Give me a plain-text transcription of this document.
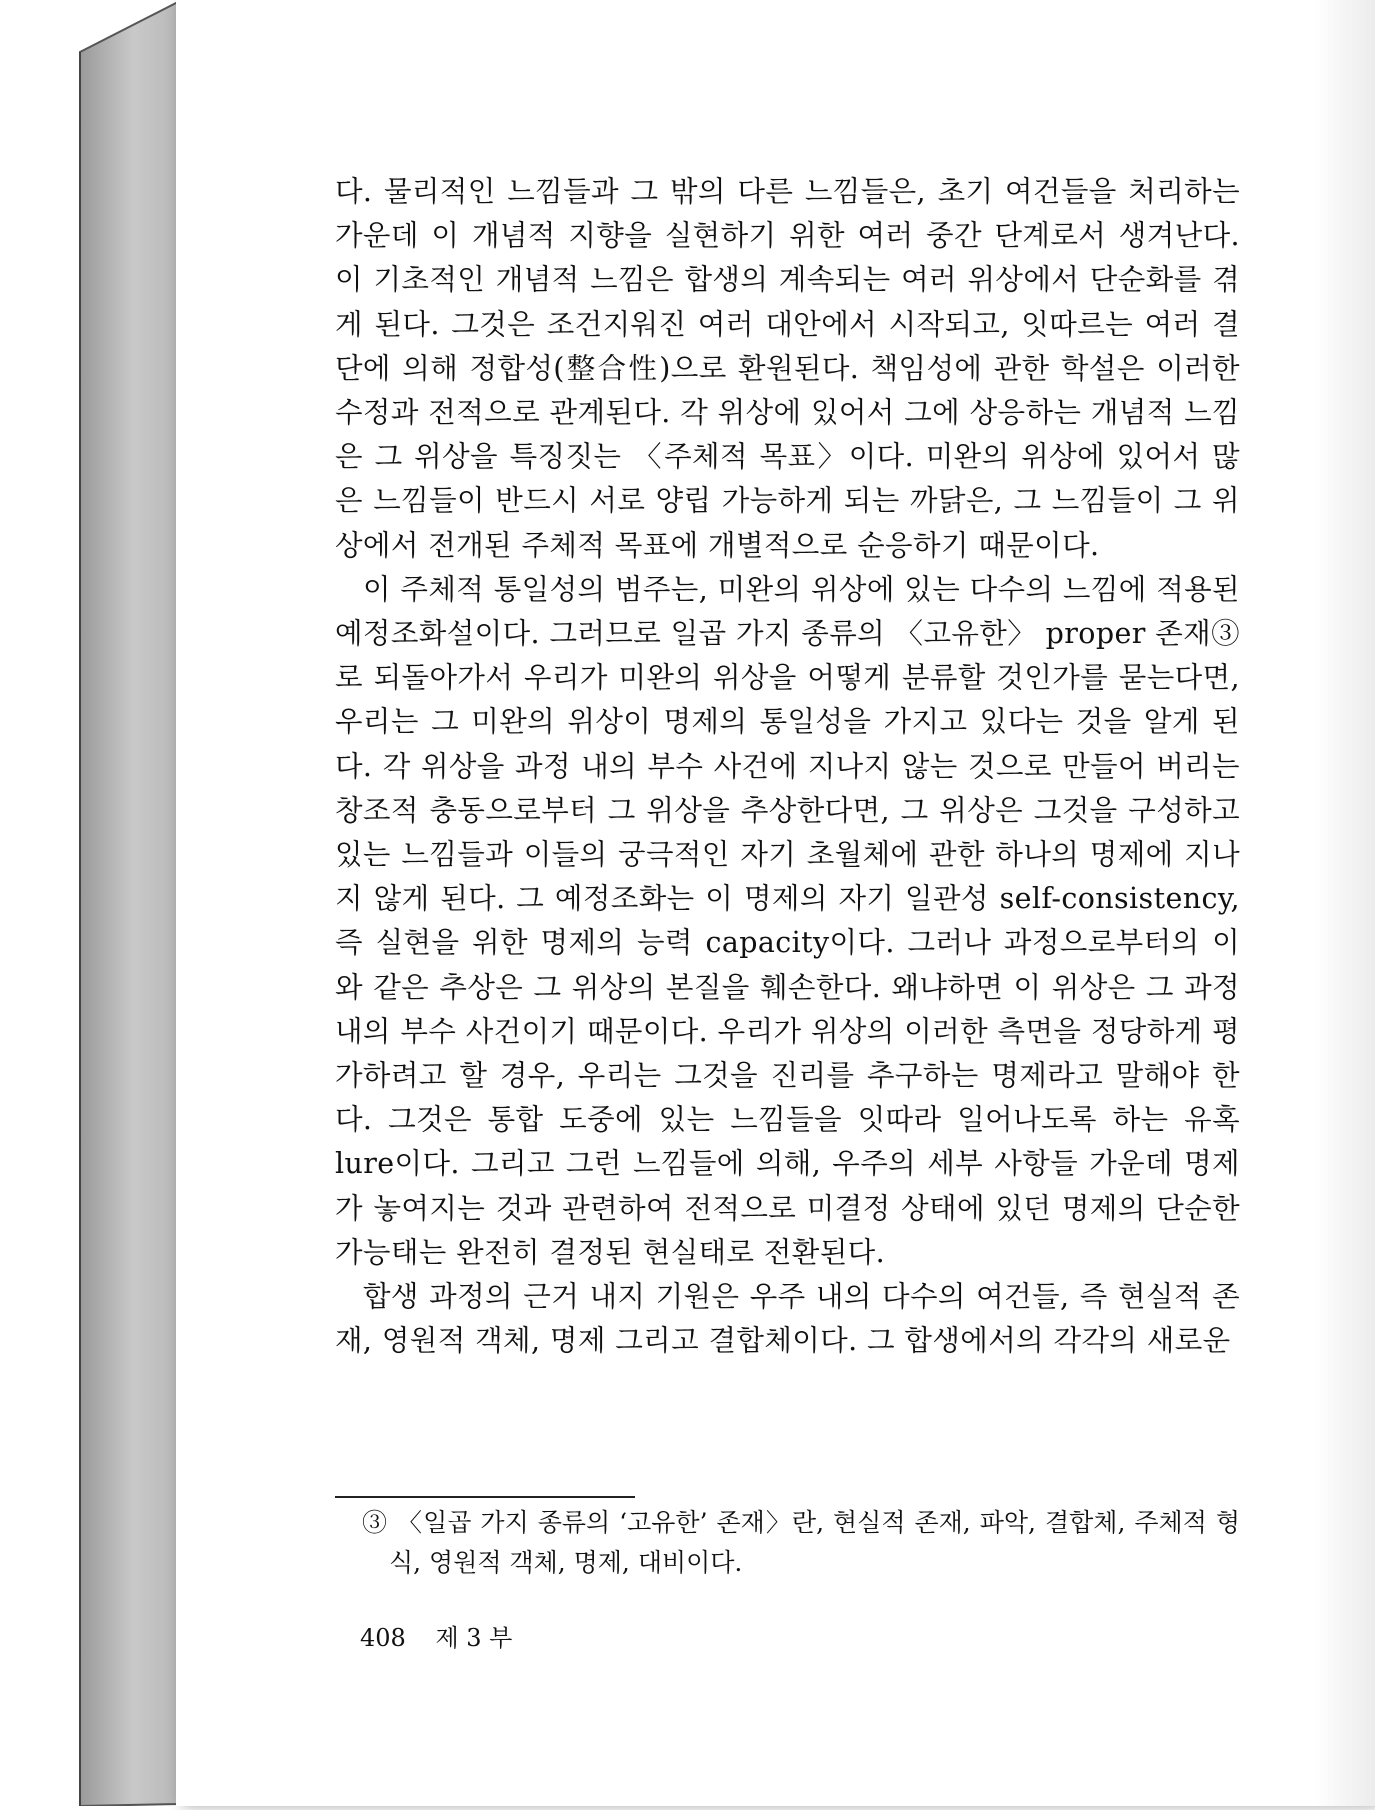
다. 물리적인 느낌들과 그 밖의 다른 느낌들은, 초기 여건들을 처리하는 가운데 이 개념적 지향을 실현하기 위한 여러 중간 단계로서 생겨난다. 이 기초적인 개념적 느낌은 합생의 계속되는 여러 위상에서 단순화를 겪게 된다. 그것은 조건지워진 여러 대안에서 시작되고, 잇따르는 여러 결단에 의해 정합성(整合性)으로 환원된다. 책임성에 관한 학설은 이러한 수정과 전적으로 관계된다. 각 위상에 있어서 그에 상응하는 개념적 느낌은 그 위상을 특징짓는 〈주체적 목표〉이다. 미완의 위상에 있어서 많은 느낌들이 반드시 서로 양립 가능하게 되는 까닭은, 그 느낌들이 그 위상에서 전개된 주체적 목표에 개별적으로 순응하기 때문이다.

이 주체적 통일성의 범주는, 미완의 위상에 있는 다수의 느낌에 적용된 예정조화설이다. 그러므로 일곱 가지 종류의 〈고유한〉 proper 존재③로 되돌아가서 우리가 미완의 위상을 어떻게 분류할 것인가를 묻는다면, 우리는 그 미완의 위상이 명제의 통일성을 가지고 있다는 것을 알게 된다. 각 위상을 과정 내의 부수 사건에 지나지 않는 것으로 만들어 버리는 창조적 충동으로부터 그 위상을 추상한다면, 그 위상은 그것을 구성하고 있는 느낌들과 이들의 궁극적인 자기 초월체에 관한 하나의 명제에 지나지 않게 된다. 그 예정조화는 이 명제의 자기 일관성 self-consistency, 즉 실현을 위한 명제의 능력 capacity이다. 그러나 과정으로부터의 이와 같은 추상은 그 위상의 본질을 훼손한다. 왜냐하면 이 위상은 그 과정 내의 부수 사건이기 때문이다. 우리가 위상의 이러한 측면을 정당하게 평가하려고 할 경우, 우리는 그것을 진리를 추구하는 명제라고 말해야 한다. 그것은 통합 도중에 있는 느낌들을 잇따라 일어나도록 하는 유혹 lure이다. 그리고 그런 느낌들에 의해, 우주의 세부 사항들 가운데 명제가 놓여지는 것과 관련하여 전적으로 미결정 상태에 있던 명제의 단순한 가능태는 완전히 결정된 현실태로 전환된다.

합생 과정의 근거 내지 기원은 우주 내의 다수의 여건들, 즉 현실적 존재, 영원적 객체, 명제 그리고 결합체이다. 그 합생에서의 각각의 새로운

③ 〈일곱 가지 종류의 ‘고유한’ 존재〉란, 현실적 존재, 파악, 결합체, 주체적 형식, 영원적 객체, 명제, 대비이다.
408 제 3 부
